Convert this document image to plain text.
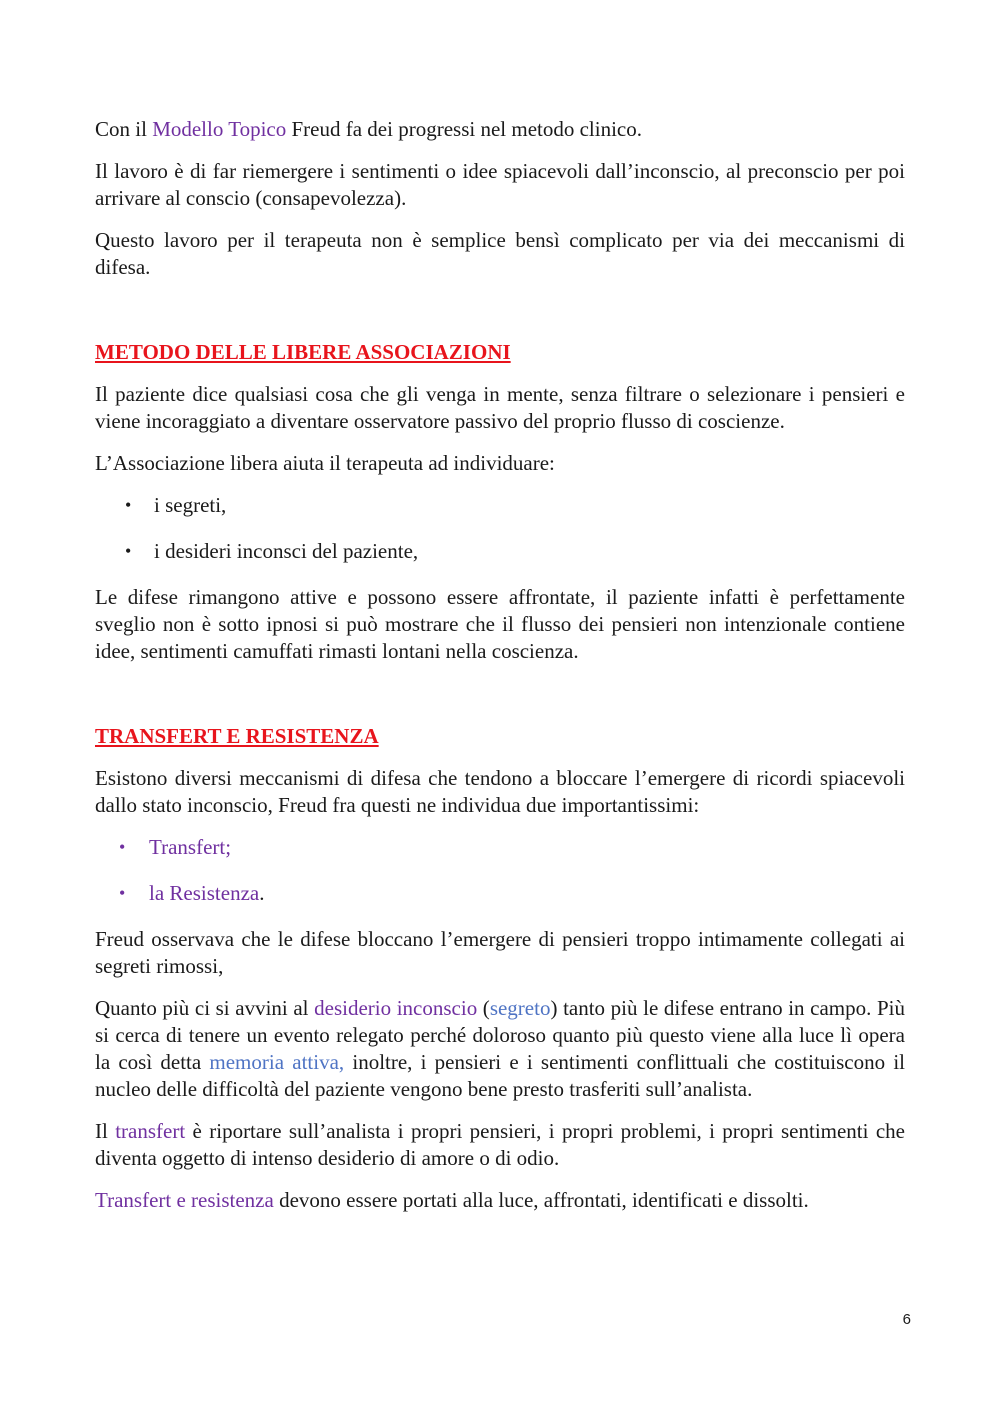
Con il Modello Topico Freud fa dei progressi nel metodo clinico.

Il lavoro è di far riemergere i sentimenti o idee spiacevoli dall’inconscio, al preconscio per poi arrivare al conscio (consapevolezza).

Questo lavoro per il terapeuta non è semplice bensì complicato per via dei meccanismi di difesa.

METODO DELLE LIBERE ASSOCIAZIONI

Il paziente dice qualsiasi cosa che gli venga in mente, senza filtrare o selezionare i pensieri e viene incoraggiato a diventare osservatore passivo del proprio flusso di coscienze.

L’Associazione libera aiuta il terapeuta ad individuare:

• i segreti,
• i desideri inconsci del paziente,

Le difese rimangono attive e possono essere affrontate, il paziente infatti è perfettamente sveglio non è sotto ipnosi si può mostrare che il flusso dei pensieri non intenzionale contiene idee, sentimenti camuffati rimasti lontani nella coscienza.

TRANSFERT E RESISTENZA

Esistono diversi meccanismi di difesa che tendono a bloccare l’emergere di ricordi spiacevoli dallo stato inconscio, Freud fra questi ne individua due importantissimi:

• Transfert;
• la Resistenza.

Freud osservava che le difese bloccano l’emergere di pensieri troppo intimamente collegati ai segreti rimossi,

Quanto più ci si avvini al desiderio inconscio (segreto) tanto più le difese entrano in campo. Più si cerca di tenere un evento relegato perché doloroso quanto più questo viene alla luce lì opera la così detta memoria attiva, inoltre, i pensieri e i sentimenti conflittuali che costituiscono il nucleo delle difficoltà del paziente vengono bene presto trasferiti sull’analista.

Il transfert è riportare sull’analista i propri pensieri, i propri problemi, i propri sentimenti che diventa oggetto di intenso desiderio di amore o di odio.

Transfert e resistenza devono essere portati alla luce, affrontati, identificati e dissolti.

6
